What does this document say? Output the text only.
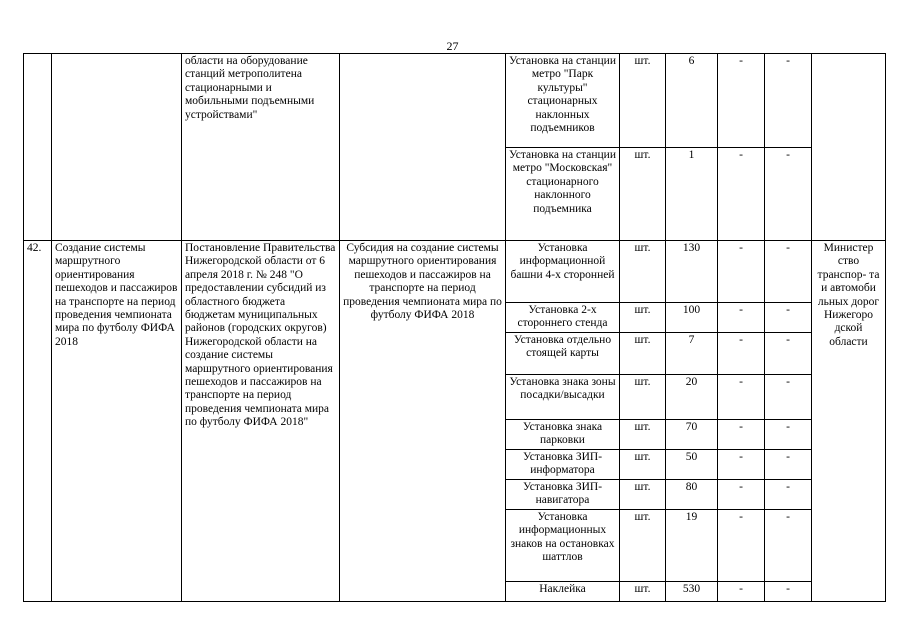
27
		области на оборудование станций метрополитена стационарными и мобильными подъемными устройствами"		Установка на станции метро "Парк культуры" стационарных наклонных подъемников	шт.	6	-	-	
				Установка на станции метро "Московская" стационарного наклонного подъемника	шт.	1	-	-	
42.	Создание системы маршрутного ориентирования пешеходов и пассажиров на транспорте на период проведения чемпионата мира по футболу ФИФА 2018	Постановление Правительства Нижегородской области от 6 апреля 2018 г. № 248 "О предоставлении субсидий из областного бюджета бюджетам муниципальных районов (городских округов) Нижегородской области на создание системы маршрутного ориентирования пешеходов и пассажиров на транспорте на период проведения чемпионата мира по футболу ФИФА 2018"	Субсидия на создание системы маршрутного ориентирования пешеходов и пассажиров на транспорте на период проведения чемпионата мира по футболу ФИФА 2018	Установка информационной башни 4-х сторонней	шт.	130	-	-	Министер ство транспор- та и автомоби льных дорог Нижегоро дской области
				Установка 2-х стороннего стенда	шт.	100	-	-	
				Установка отдельно стоящей карты	шт.	7	-	-	
				Установка знака зоны посадки/высадки	шт.	20	-	-	
				Установка знака парковки	шт.	70	-	-	
				Установка ЗИП-информатора	шт.	50	-	-	
				Установка ЗИП-навигатора	шт.	80	-	-	
				Установка информационных знаков на остановках шаттлов	шт.	19	-	-	
				Наклейка	шт.	530	-	-	
